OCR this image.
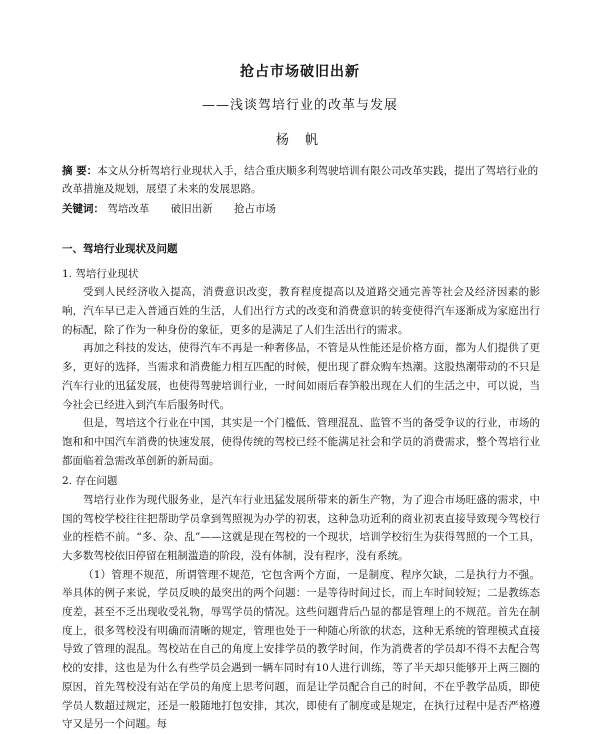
抢占市场破旧出新
——浅谈驾培行业的改革与发展
杨 帆
摘 要：本文从分析驾培行业现状入手，结合重庆顺多利驾驶培训有限公司改革实践，提出了驾培行业的改革措施及规划，展望了未来的发展思路。
关键词： 驾培改革 破旧出新 抢占市场
一、驾培行业现状及问题
1. 驾培行业现状

受到人民经济收入提高，消费意识改变，教育程度提高以及道路交通完善等社会及经济因素的影响，汽车早已走入普通百姓的生活，人们出行方式的改变和消费意识的转变使得汽车逐渐成为家庭出行的标配，除了作为一种身份的象征，更多的是满足了人们生活出行的需求。

再加之科技的发达，使得汽车不再是一种奢侈品，不管是从性能还是价格方面，都为人们提供了更多，更好的选择，当需求和消费能力相互匹配的时候，便出现了群众购车热潮。这股热潮带动的不只是汽车行业的迅猛发展，也使得驾驶培训行业，一时间如雨后春笋般出现在人们的生活之中，可以说，当今社会已经进入到汽车后服务时代。

但是，驾培这个行业在中国，其实是一个门槛低、管理混乱、监管不当的备受争议的行业，市场的饱和和中国汽车消费的快速发展，使得传统的驾校已经不能满足社会和学员的消费需求，整个驾培行业都面临着急需改革创新的新局面。

2. 存在问题

驾培行业作为现代服务业，是汽车行业迅猛发展所带来的新生产物，为了迎合市场旺盛的需求，中国的驾校学校往往把帮助学员拿到驾照视为办学的初衷，这种急功近利的商业初衷直接导致现今驾校行业的桎梏不前。“多、杂、乱”——这就是现在驾校的一个现状，培训学校衍生为获得驾照的一个工具，大多数驾校依旧停留在粗制滥造的阶段，没有体制，没有程序，没有系统。

（1）管理不规范，所谓管理不规范，它包含两个方面，一是制度、程序欠缺，二是执行力不强。举具体的例子来说，学员反映的最突出的两个问题：一是等待时间过长，而上车时间较短；二是教练态度差，甚至不乏出现收受礼物，辱骂学员的情况。这些问题背后凸显的都是管理上的不规范。首先在制度上，很多驾校没有明确而清晰的规定，管理也处于一种随心所欲的状态，这种无系统的管理模式直接导致了管理的混乱。驾校站在自己的角度上安排学员的教学时间，作为消费者的学员却不得不去配合驾校的安排，这也是为什么有些学员会遇到一辆车同时有10人进行训练，等了半天却只能够开上两三圈的原因，首先驾校没有站在学员的角度上思考问题，而是让学员配合自己的时间，不在乎教学品质，即使学员人数超过规定，还是一般随地打包安排，其次，即使有了制度或是规定，在执行过程中是否严格遵守又是另一个问题。每
